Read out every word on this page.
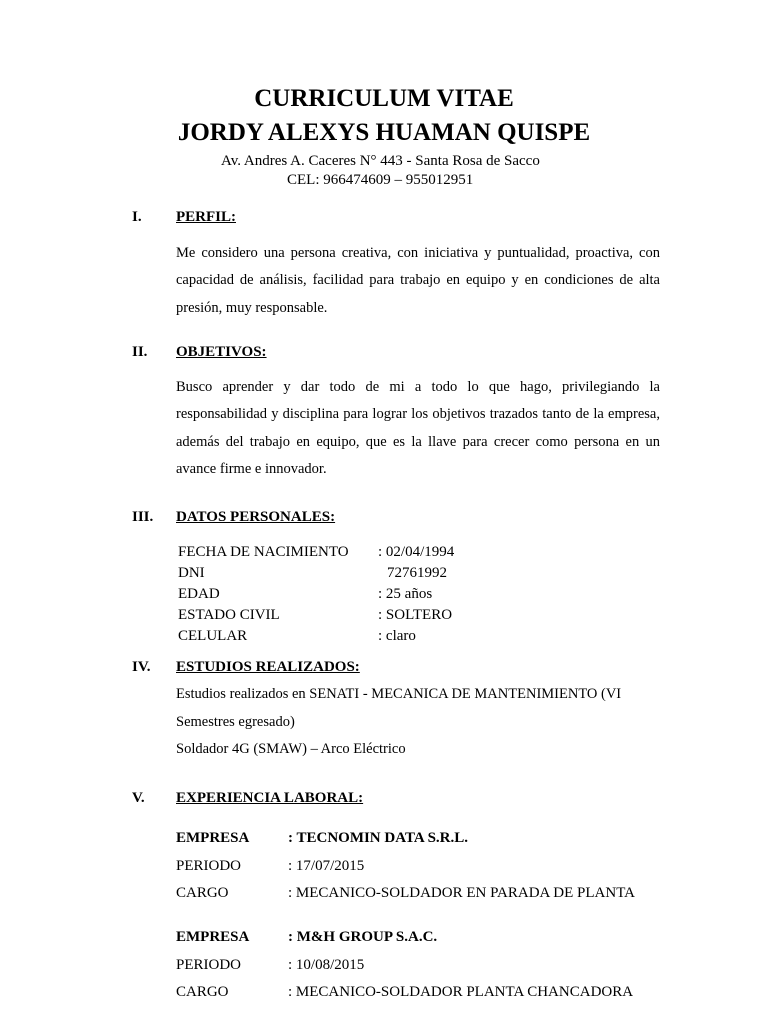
CURRICULUM VITAE
JORDY ALEXYS HUAMAN QUISPE
Av. Andres A. Caceres N° 443 - Santa Rosa de Sacco
CEL: 966474609 – 955012951
I. PERFIL:
Me considero una persona creativa, con iniciativa y puntualidad, proactiva, con capacidad de análisis, facilidad para trabajo en equipo y en condiciones de alta presión, muy responsable.
II. OBJETIVOS:
Busco aprender y dar todo de mi a todo lo que hago, privilegiando la responsabilidad y disciplina para lograr los objetivos trazados tanto de la empresa, además del trabajo en equipo, que es la llave para crecer como persona en un avance firme e innovador.
III. DATOS PERSONALES:
FECHA DE NACIMIENTO : 02/04/1994
DNI	72761992
EDAD	: 25 años
ESTADO CIVIL	: SOLTERO
CELULAR	: claro
IV. ESTUDIOS REALIZADOS:
Estudios realizados en SENATI - MECANICA DE MANTENIMIENTO (VI
Semestres egresado)
Soldador 4G (SMAW) – Arco Eléctrico
V. EXPERIENCIA LABORAL:
EMPRESA	: TECNOMIN DATA S.R.L.
PERIODO	: 17/07/2015
CARGO	: MECANICO-SOLDADOR EN PARADA DE PLANTA
EMPRESA	: M&H GROUP S.A.C.
PERIODO	: 10/08/2015
CARGO	: MECANICO-SOLDADOR PLANTA CHANCADORA
